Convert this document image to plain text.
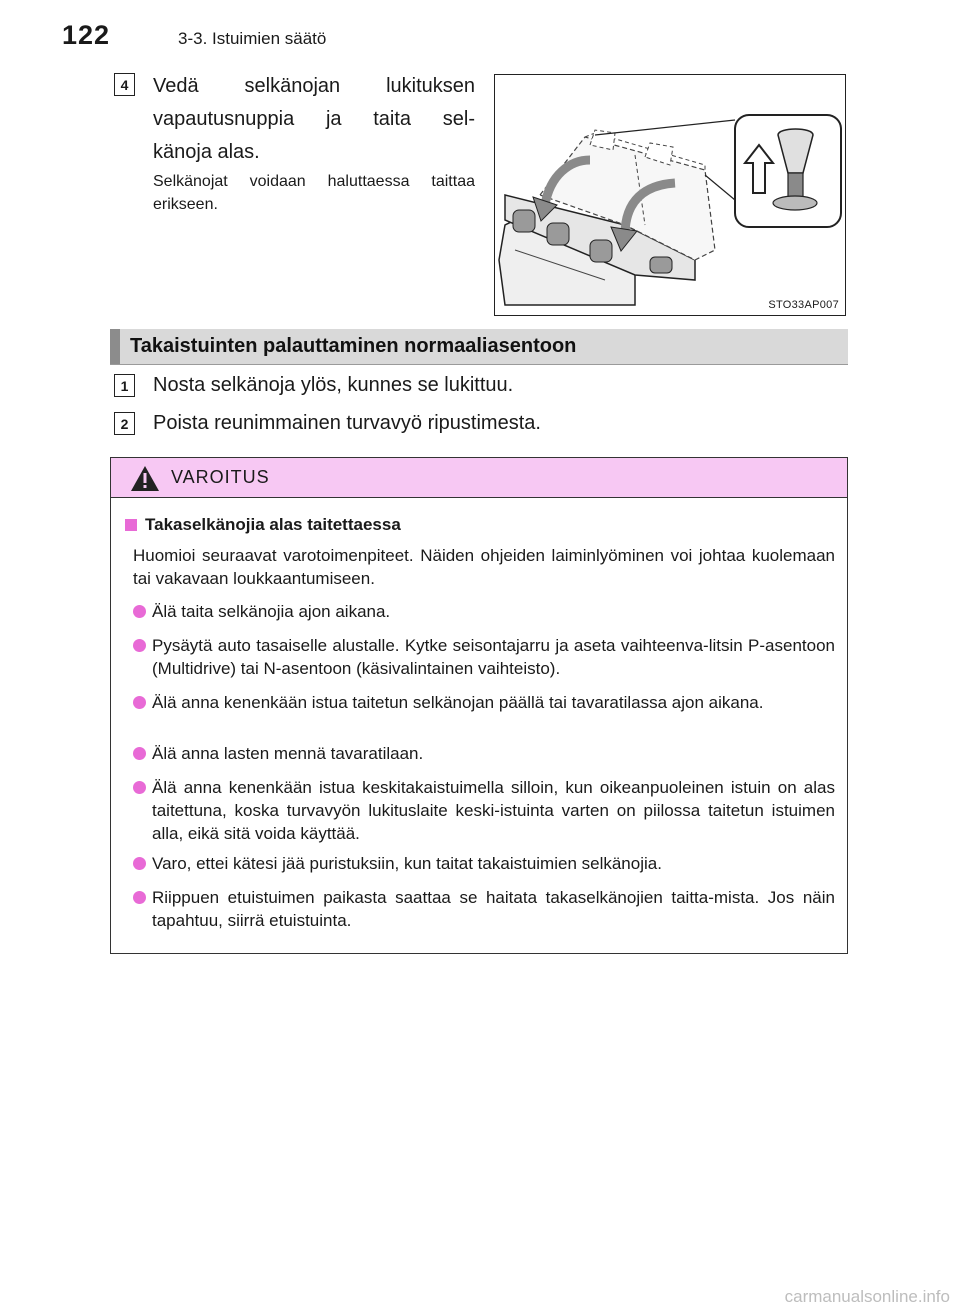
122	3-3. Istuimien säätö
4	Vedä selkänojan lukituksen
vapautusnuppia ja taita sel-
känoja alas.
Selkänojat voidaan haluttaessa taittaa erikseen.
STO33AP007
Takaistuinten palauttaminen normaaliasentoon
1	Nosta selkänoja ylös, kunnes se lukittuu.
2	Poista reunimmainen turvavyö ripustimesta.
VAROITUS
Takaselkänojia alas taitettaessa
Huomioi seuraavat varotoimenpiteet. Näiden ohjeiden laiminlyöminen voi johtaa kuolemaan tai vakavaan loukkaantumiseen.
Älä taita selkänojia ajon aikana.
Pysäytä auto tasaiselle alustalle. Kytke seisontajarru ja aseta vaihteenva-litsin P-asentoon (Multidrive) tai N-asentoon (käsivalintainen vaihteisto).
Älä anna kenenkään istua taitetun selkänojan päällä tai tavaratilassa ajon aikana.
Älä anna lasten mennä tavaratilaan.
Älä anna kenenkään istua keskitakaistuimella silloin, kun oikeanpuoleinen istuin on alas taitettuna, koska turvavyön lukituslaite keski-istuinta varten on piilossa taitetun istuimen alla, eikä sitä voida käyttää.
Varo, ettei kätesi jää puristuksiin, kun taitat takaistuimien selkänojia.
Riippuen etuistuimen paikasta saattaa se haitata takaselkänojien taitta-mista. Jos näin tapahtuu, siirrä etuistuinta.
carmanualsonline.info
